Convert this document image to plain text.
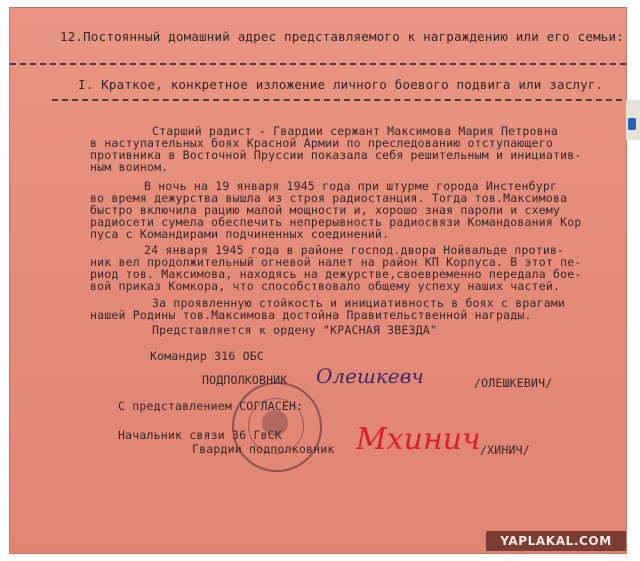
12.Постоянный домашний адрес представляемого к награждению или его семьи:
I. Краткое, конкретное изложение личного боевого подвига или заслуг.
Старший радист - Гвардии сержант Максимова Мария Петровна
в наступательных боях Красной Армии по преследованию отступающего
противника в Восточной Пруссии показала себя решительным и инициатив-
ным воином.
В ночь на 19 января 1945 года при штурме города Инстенбург
во время дежурства вышла из строя радиостанция. Тогда тов.Максимова
быстро включила рацию малой мощности и, хорошо зная пароли и схему
радиосети сумела обеспечить непрерывность радиосвязи Командования Кор
пуса с Командирами подчиненных соединений.
24 января 1945 года в районе господ.двора Нойвальде против-
ник вел продолжительный огневой налет на район КП Корпуса. В этот пе-
риод тов. Максимова, находясь на дежурстве,своевременно передала бое-
вой приказ Комкора, что способствовало общему успеху наших частей.
За проявленную стойкость и инициативность в боях с врагами
нашей Родины тов.Максимова достойна Правительственной награды.
Представляется к ордену "КРАСНАЯ ЗВЕЗДА"
Командир 316 ОБС
ПОДПОЛКОВНИК Олешкевч	/ОЛЕШКЕВИЧ/
С представлением СОГЛАСЕН:
Начальник связи 36 ГвСК
Гвардии подполковник Мхинич /ХИНИЧ/
YAPLAKAL.COM
